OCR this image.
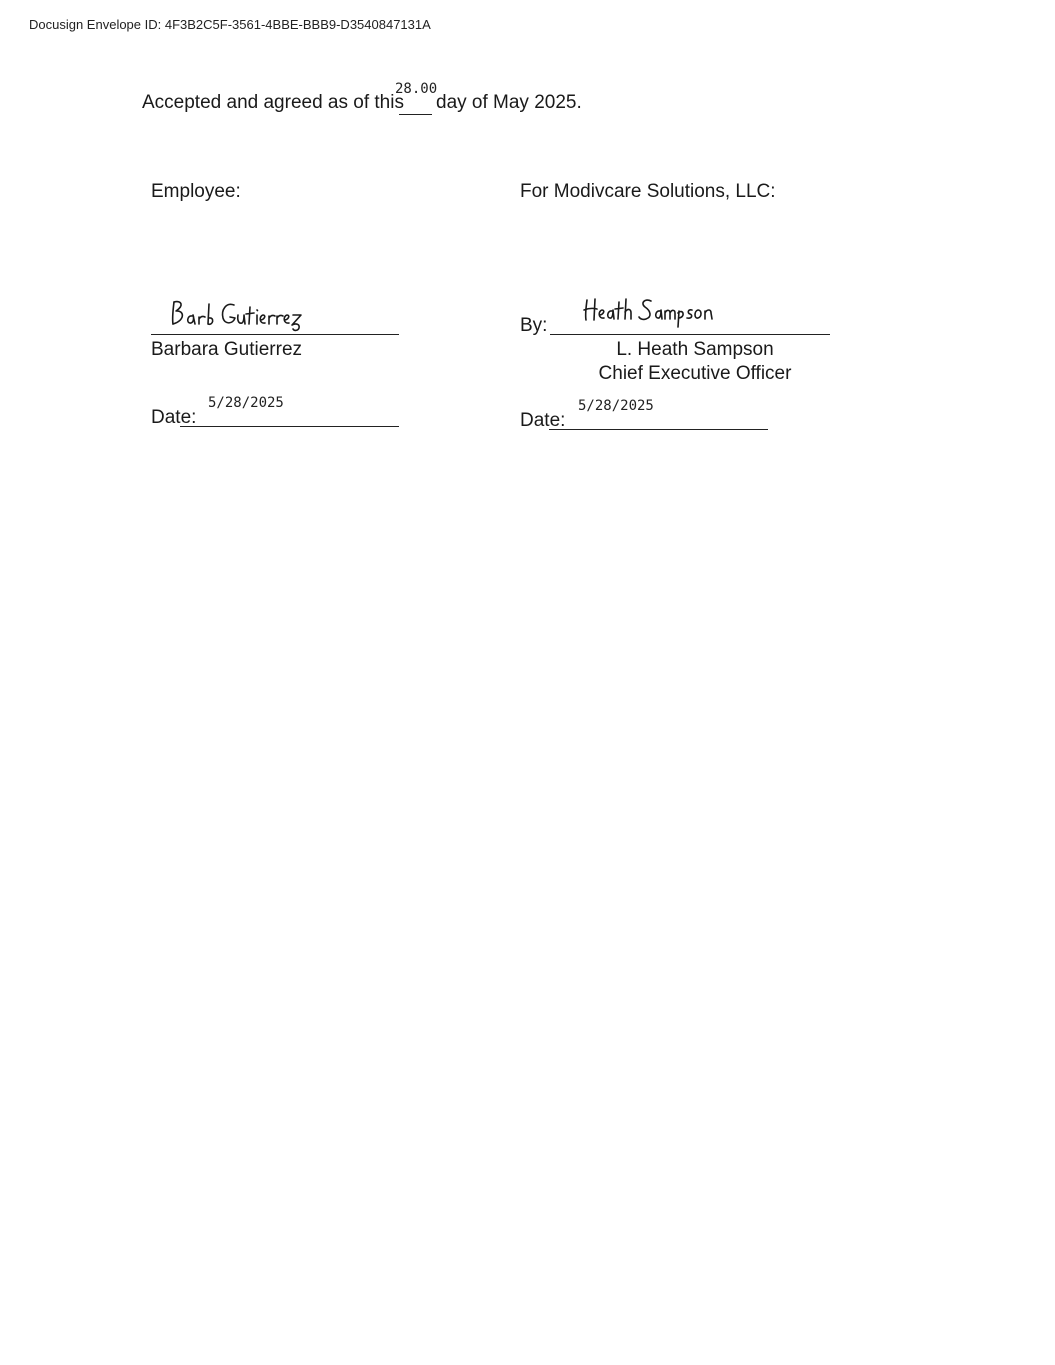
Docusign Envelope ID: 4F3B2C5F-3561-4BBE-BBB9-D3540847131A
Accepted and agreed as of this
28.00
day of May 2025.
Employee:
Barbara Gutierrez
Date:
5/28/2025
For Modivcare Solutions, LLC:
By:
L. Heath Sampson
Chief Executive Officer
Date:
5/28/2025
